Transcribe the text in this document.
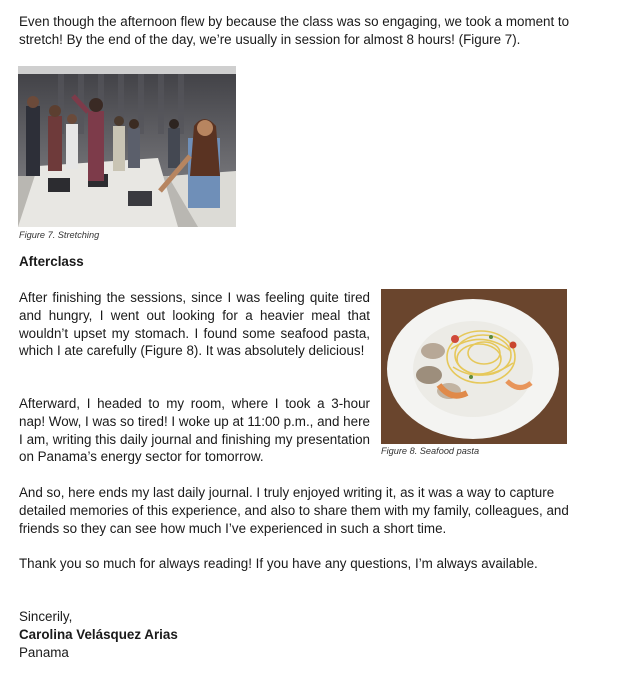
Even though the afternoon flew by because the class was so engaging, we took a moment to stretch! By the end of the day, we’re usually in session for almost 8 hours! (Figure 7).

Figure 7. Stretching

Afterclass

After finishing the sessions, since I was feeling quite tired and hungry, I went out looking for a heavier meal that wouldn’t upset my stomach. I found some seafood pasta, which I ate carefully (Figure 8). It was absolutely delicious!

Afterward, I headed to my room, where I took a 3-hour nap! Wow, I was so tired! I woke up at 11:00 p.m., and here I am, writing this daily journal and finishing my presentation on Panama’s energy sector for tomorrow.	Figure 8. Seafood pasta

And so, here ends my last daily journal. I truly enjoyed writing it, as it was a way to capture detailed memories of this experience, and also to share them with my family, colleagues, and friends so they can see how much I’ve experienced in such a short time.

Thank you so much for always reading! If you have any questions, I’m always available.

Sincerily,
Carolina Velásquez Arias
Panama
